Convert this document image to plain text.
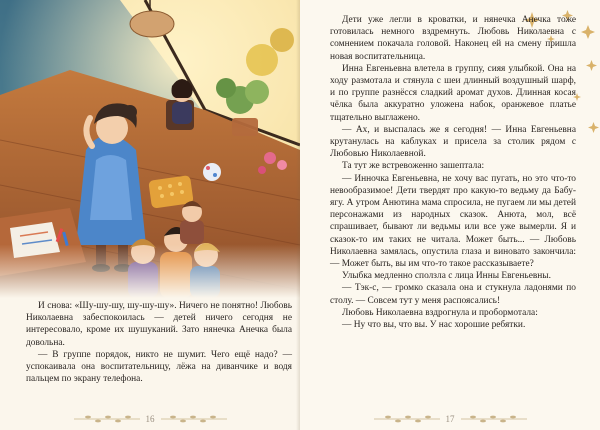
И снова: «Шу-шу-шу, шу-шу-шу». Ничего не понятно! Любовь Николаевна забеспокоилась — детей ничего сегодня не интересовало, кроме их шушуканий. Зато нянечка Анечка была довольна.

— В группе порядок, никто не шумит. Чего ещё надо? — успокаивала она воспитательницу, лёжа на диванчике и водя пальцем по экрану телефона.

Дети уже легли в кроватки, и нянечка Анечка тоже готовилась немного вздремнуть. Любовь Николаевна с сомнением покачала головой. Наконец ей на смену пришла новая воспитательница.

Инна Евгеньевна влетела в группу, сияя улыбкой. Она на ходу размотала и стянула с шеи длинный воздушный шарф, и по группе разнёсся сладкий аромат духов. Длинная косая чёлка была аккуратно уложена набок, оранжевое платье тщательно выглажено.

— Ах, и выспалась же я сегодня! — Инна Евгеньевна крутанулась на каблуках и присела за столик рядом с Любовью Николаевной.

Та тут же встревоженно зашептала:

— Инночка Евгеньевна, не хочу вас пугать, но это что-то невообразимое! Дети твердят про какую-то ведьму да Бабу-ягу. А утром Анютина мама спросила, не пугаем ли мы детей персонажами из народных сказок. Анюта, мол, всё спрашивает, бывают ли ведьмы или все уже вымерли. Я и сказок-то им таких не читала. Может быть... — Любовь Николаевна замялась, опустила глаза и виновато закончила: — Может быть, вы им что-то такое рассказываете?

Улыбка медленно сползла с лица Инны Евгеньевны.

— Тэк-с, — громко сказала она и стукнула ладонями по столу. — Совсем тут у меня распоясались!

Любовь Николаевна вздрогнула и пробормотала:

— Ну что вы, что вы. У нас хорошие ребятки.

16	17
